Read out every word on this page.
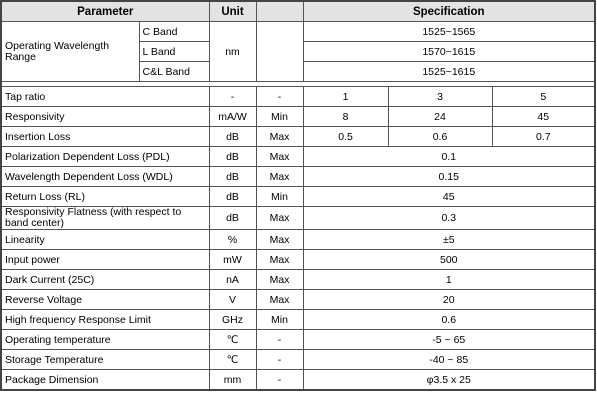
Parameter		Unit		Specification		
Operating Wavelength Range	C Band	nm		1525~1565		
	L Band			1570~1615		
	C&L Band			1525~1615		

Tap ratio		-	-	1	3	5
Responsivity		mA/W	Min	8	24	45
Insertion Loss		dB	Max	0.5	0.6	0.7
Polarization Dependent Loss (PDL)		dB	Max	0.1		
Wavelength Dependent Loss (WDL)		dB	Max	0.15		
Return Loss (RL)		dB	Min	45		
Responsivity Flatness (with respect to band center)		dB	Max	0.3		
Linearity		%	Max	±5		
Input power		mW	Max	500		
Dark Current (25C)		nA	Max	1		
Reverse Voltage		V	Max	20		
High frequency Response Limit		GHz	Min	0.6		
Operating temperature		℃	-	-5 ~ 65		
Storage Temperature		℃	-	-40 ~ 85		
Package Dimension		mm	-	φ3.5 x 25		
